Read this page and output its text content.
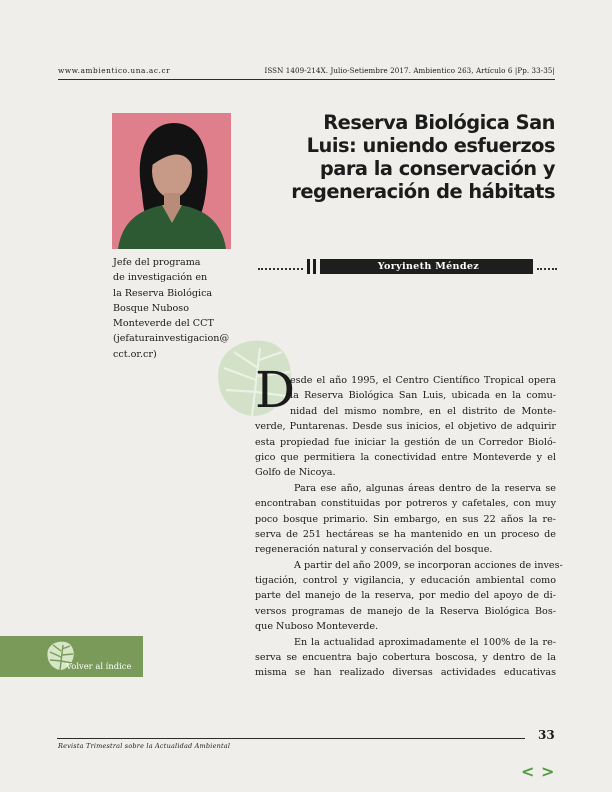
www.ambientico.una.ac.cr	ISSN 1409-214X. Julio-Setiembre 2017. Ambientico 263, Artículo 6 |Pp. 33-35|
Reserva Biológica San
Luis: uniendo esfuerzos
para la conservación y
regeneración de hábitats
Jefe del programa
de investigación en
la Reserva Biológica
Bosque Nuboso
Monteverde del CCT
(jefaturainvestigacion@
cct.or.cr)
Yoryineth Méndez
D
esde el año 1995, el Centro Científico Tropical opera
la Reserva Biológica San Luis, ubicada en la comu-
nidad del mismo nombre, en el distrito de Monte-
verde, Puntarenas. Desde sus inicios, el objetivo de adquirir
esta propiedad fue iniciar la gestión de un Corredor Bioló-
gico que permitiera la conectividad entre Monteverde y el
Golfo de Nicoya.
Para ese año, algunas áreas dentro de la reserva se
encontraban constituidas por potreros y cafetales, con muy
poco bosque primario. Sin embargo, en sus 22 años la re-
serva de 251 hectáreas se ha mantenido en un proceso de
regeneración natural y conservación del bosque.
A partir del año 2009, se incorporan acciones de inves-
tigación, control y vigilancia, y educación ambiental como
parte del manejo de la reserva, por medio del apoyo de di-
versos programas de manejo de la Reserva Biológica Bos-
que Nuboso Monteverde.
En la actualidad aproximadamente el 100% de la re-
serva se encuentra bajo cobertura boscosa, y dentro de la
misma se han realizado diversas actividades educativas
Volver al índice
Revista Trimestral sobre la Actualidad Ambiental
33
< >
